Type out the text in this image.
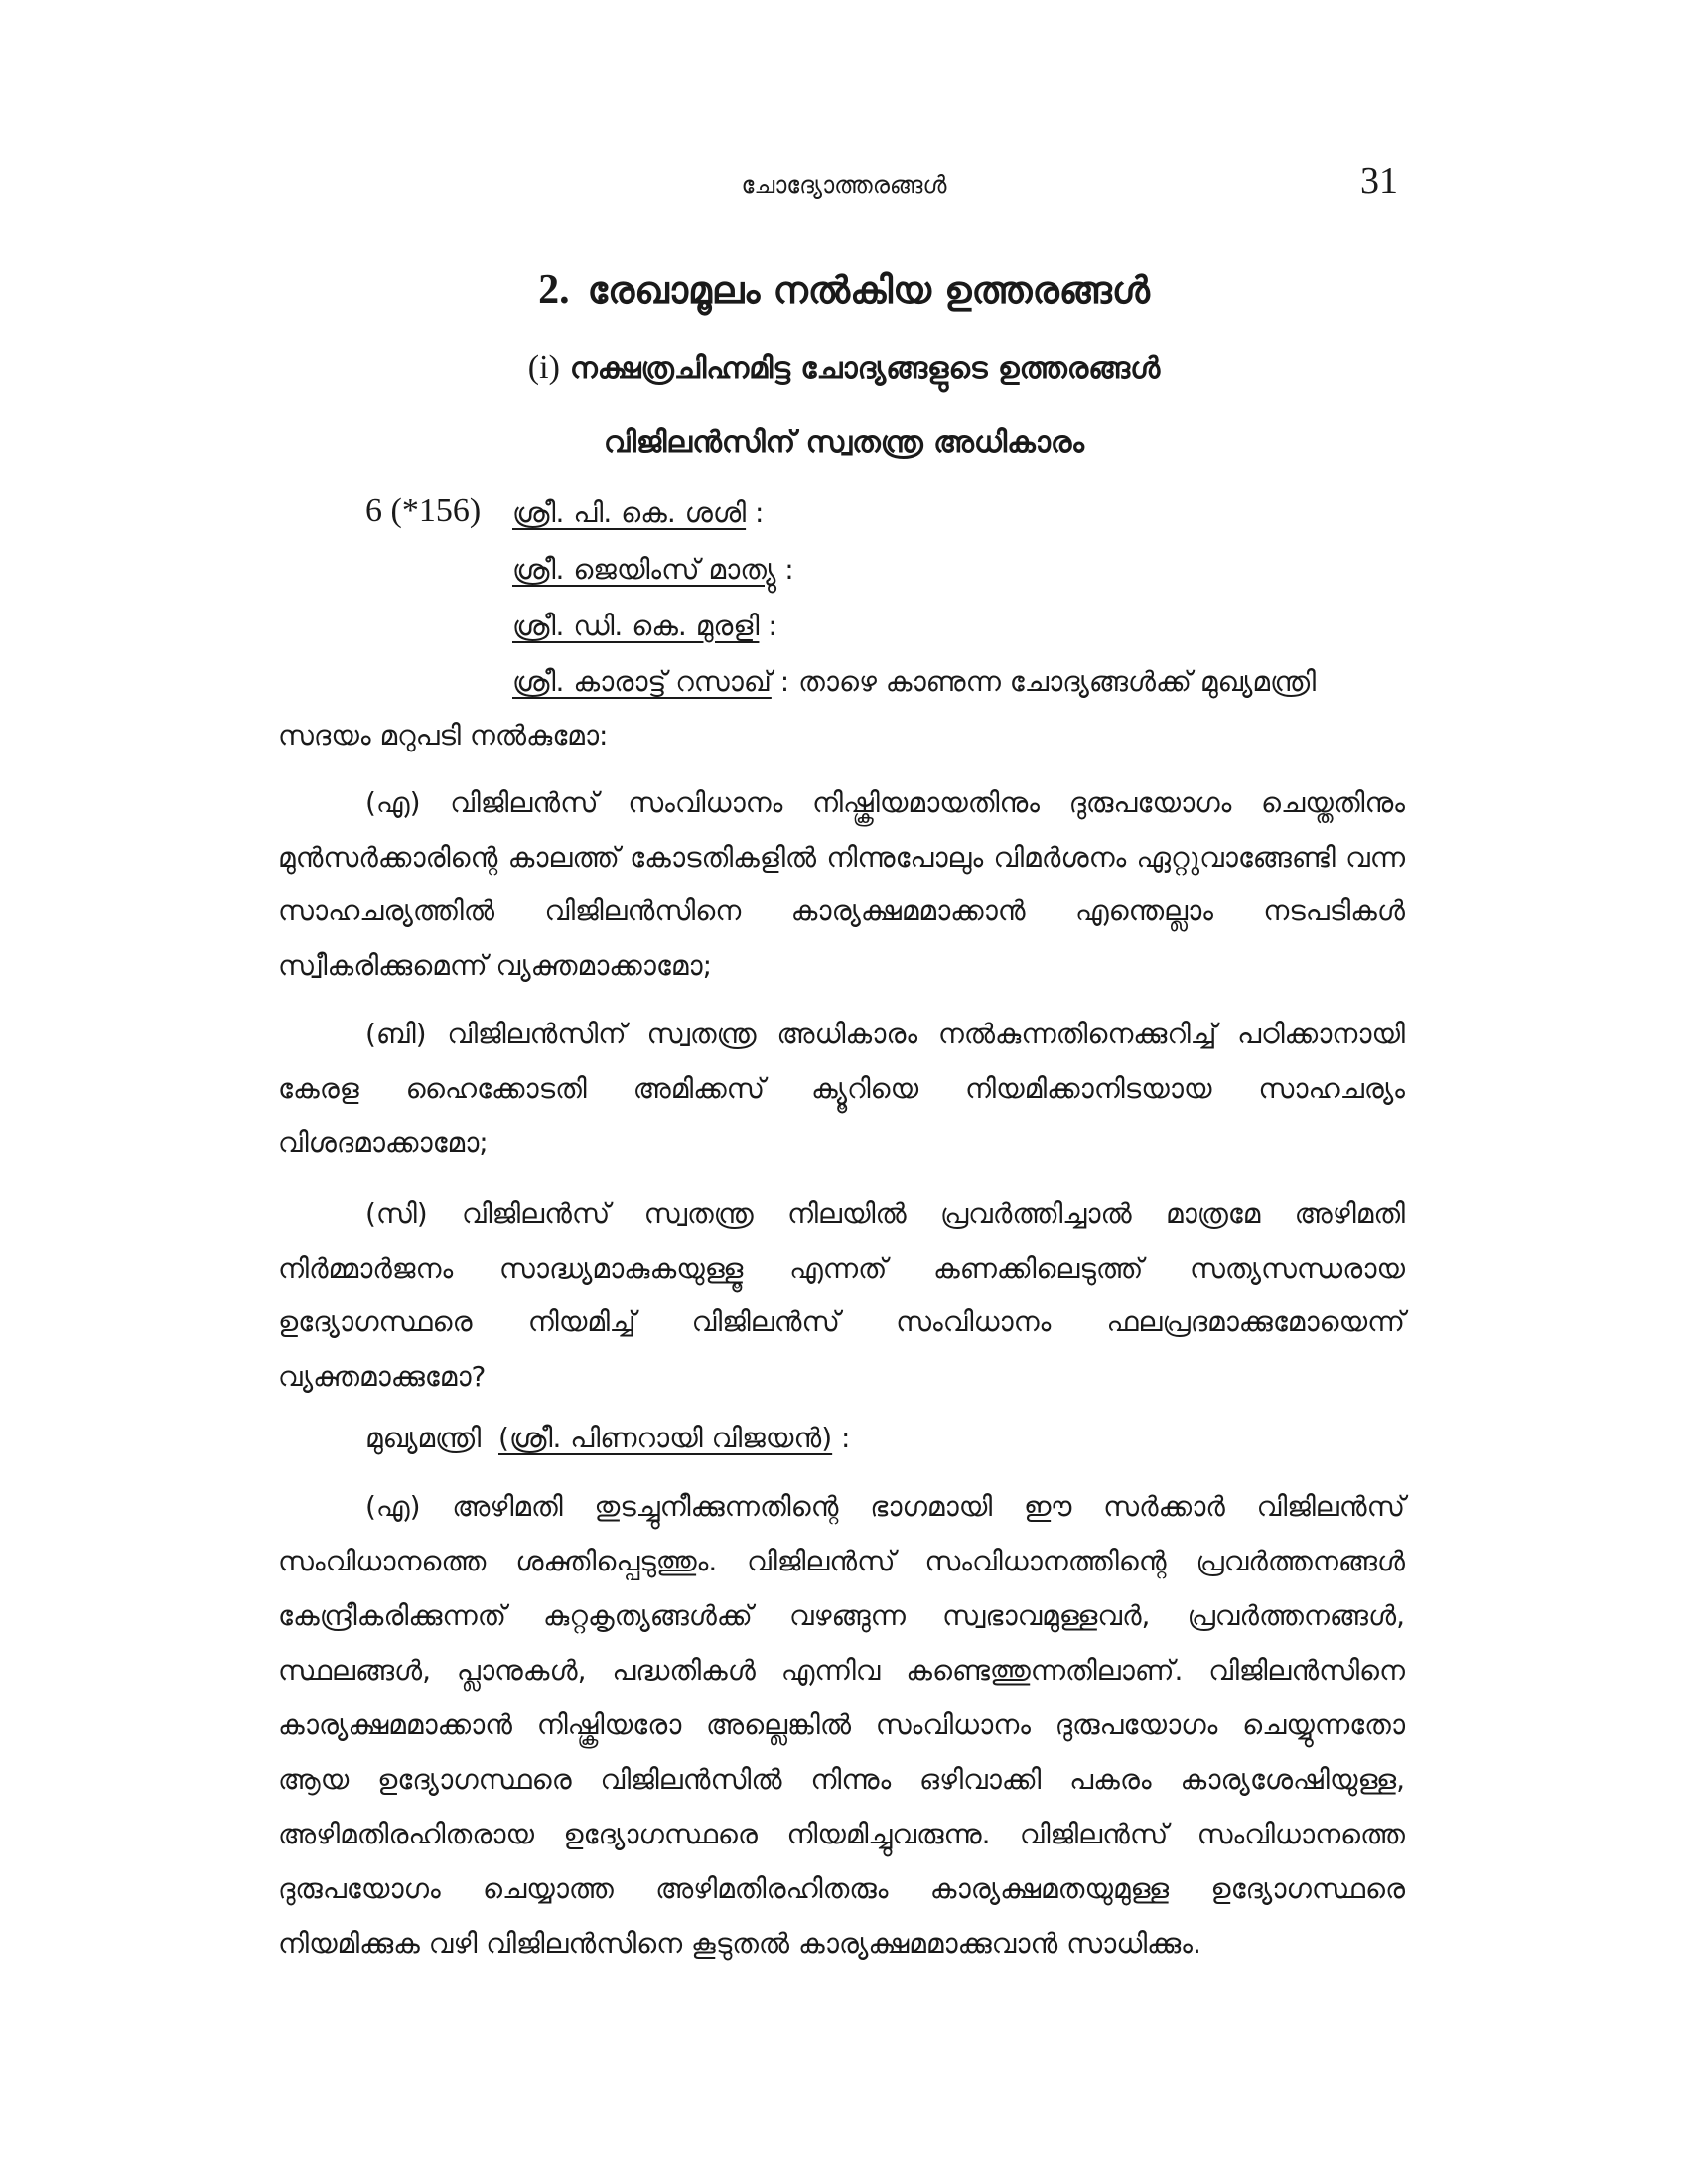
ചോദ്യോത്തരങ്ങൾ	31
2. രേഖാമൂലം നൽകിയ ഉത്തരങ്ങൾ
(i) നക്ഷത്രചിഹ്നമിട്ട ചോദ്യങ്ങളുടെ ഉത്തരങ്ങൾ
വിജിലൻസിന് സ്വതന്ത്ര അധികാരം
6 (*156) ശ്രീ. പി. കെ. ശശി :
ശ്രീ. ജെയിംസ് മാത്യു :
ശ്രീ. ഡി. കെ. മുരളി :
ശ്രീ. കാരാട്ട് റസാഖ് : താഴെ കാണുന്ന ചോദ്യങ്ങൾക്ക് മുഖ്യമന്ത്രി
സദയം മറുപടി നൽകുമോ:
(എ) വിജിലൻസ് സംവിധാനം നിഷ്ക്രിയമായതിനും ദുരുപയോഗം ചെയ്തതിനും മുൻസർക്കാരിന്റെ കാലത്ത് കോടതികളിൽ നിന്നുപോലും വിമർശനം ഏറ്റുവാങ്ങേണ്ടി വന്ന സാഹചര്യത്തിൽ വിജിലൻസിനെ കാര്യക്ഷമമാക്കാൻ എന്തെല്ലാം നടപടികൾ സ്വീകരിക്കുമെന്ന് വ്യക്തമാക്കാമോ;
(ബി) വിജിലൻസിന് സ്വതന്ത്ര അധികാരം നൽകുന്നതിനെക്കുറിച്ച് പഠിക്കാനായി കേരള ഹൈക്കോടതി അമിക്കസ് ക്യൂറിയെ നിയമിക്കാനിടയായ സാഹചര്യം വിശദമാക്കാമോ;
(സി) വിജിലൻസ് സ്വതന്ത്ര നിലയിൽ പ്രവർത്തിച്ചാൽ മാത്രമേ അഴിമതി നിർമ്മാർജനം സാദ്ധ്യമാകുകയുള്ളൂ എന്നത് കണക്കിലെടുത്ത് സത്യസന്ധരായ ഉദ്യോഗസ്ഥരെ നിയമിച്ച് വിജിലൻസ് സംവിധാനം ഫലപ്രദമാക്കുമോയെന്ന് വ്യക്തമാക്കുമോ?
മുഖ്യമന്ത്രി (ശ്രീ. പിണറായി വിജയൻ) :
(എ) അഴിമതി തുടച്ചുനീക്കുന്നതിന്റെ ഭാഗമായി ഈ സർക്കാർ വിജിലൻസ് സംവിധാനത്തെ ശക്തിപ്പെടുത്തും. വിജിലൻസ് സംവിധാനത്തിന്റെ പ്രവർത്തനങ്ങൾ കേന്ദ്രീകരിക്കുന്നത് കുറ്റകൃത്യങ്ങൾക്ക് വഴങ്ങുന്ന സ്വഭാവമുള്ളവർ, പ്രവർത്തനങ്ങൾ, സ്ഥലങ്ങൾ, പ്ലാനുകൾ, പദ്ധതികൾ എന്നിവ കണ്ടെത്തുന്നതിലാണ്. വിജിലൻസിനെ കാര്യക്ഷമമാക്കാൻ നിഷ്ക്രിയരോ അല്ലെങ്കിൽ സംവിധാനം ദുരുപയോഗം ചെയ്യുന്നതോ ആയ ഉദ്യോഗസ്ഥരെ വിജിലൻസിൽ നിന്നും ഒഴിവാക്കി പകരം കാര്യശേഷിയുള്ള, അഴിമതിരഹിതരായ ഉദ്യോഗസ്ഥരെ നിയമിച്ചുവരുന്നു. വിജിലൻസ് സംവിധാനത്തെ ദുരുപയോഗം ചെയ്യാത്ത അഴിമതിരഹിതരും കാര്യക്ഷമതയുമുള്ള ഉദ്യോഗസ്ഥരെ നിയമിക്കുക വഴി വിജിലൻസിനെ കൂടുതൽ കാര്യക്ഷമമാക്കുവാൻ സാധിക്കും.
